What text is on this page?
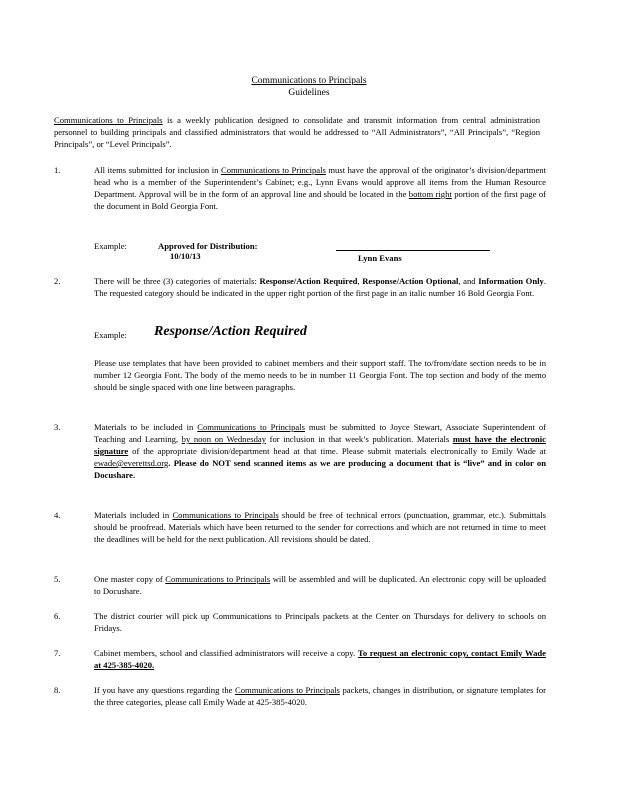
Communications to Principals
Guidelines
Communications to Principals is a weekly publication designed to consolidate and transmit information from central administration personnel to building principals and classified administrators that would be addressed to “All Administrators”, “All Principals”, “Region Principals”, or “Level Principals”.
1.	All items submitted for inclusion in Communications to Principals must have the approval of the originator’s division/department head who is a member of the Superintendent’s Cabinet; e.g., Lynn Evans would approve all items from the Human Resource Department. Approval will be in the form of an approval line and should be located in the bottom right portion of the first page of the document in Bold Georgia Font.
Example:	Approved for Distribution:
10/10/13	Lynn Evans
2.	There will be three (3) categories of materials: Response/Action Required, Response/Action Optional, and Information Only. The requested category should be indicated in the upper right portion of the first page in an italic number 16 Bold Georgia Font.
Example: Response/Action Required
Please use templates that have been provided to cabinet members and their support staff. The to/from/date section needs to be in number 12 Georgia Font. The body of the memo needs to be in number 11 Georgia Font. The top section and body of the memo should be single spaced with one line between paragraphs.
3.	Materials to be included in Communications to Principals must be submitted to Joyce Stewart, Associate Superintendent of Teaching and Learning, by noon on Wednesday for inclusion in that week’s publication. Materials must have the electronic signature of the appropriate division/department head at that time. Please submit materials electronically to Emily Wade at ewade@everettsd.org. Please do NOT send scanned items as we are producing a document that is “live” and in color on Docushare.
4.	Materials included in Communications to Principals should be free of technical errors (punctuation, grammar, etc.). Submittals should be proofread. Materials which have been returned to the sender for corrections and which are not returned in time to meet the deadlines will be held for the next publication. All revisions should be dated.
5.	One master copy of Communications to Principals will be assembled and will be duplicated. An electronic copy will be uploaded to Docushare.
6.	The district courier will pick up Communications to Principals packets at the Center on Thursdays for delivery to schools on Fridays.
7.	Cabinet members, school and classified administrators will receive a copy. To request an electronic copy, contact Emily Wade at 425-385-4020.
8.	If you have any questions regarding the Communications to Principals packets, changes in distribution, or signature templates for the three categories, please call Emily Wade at 425-385-4020.
